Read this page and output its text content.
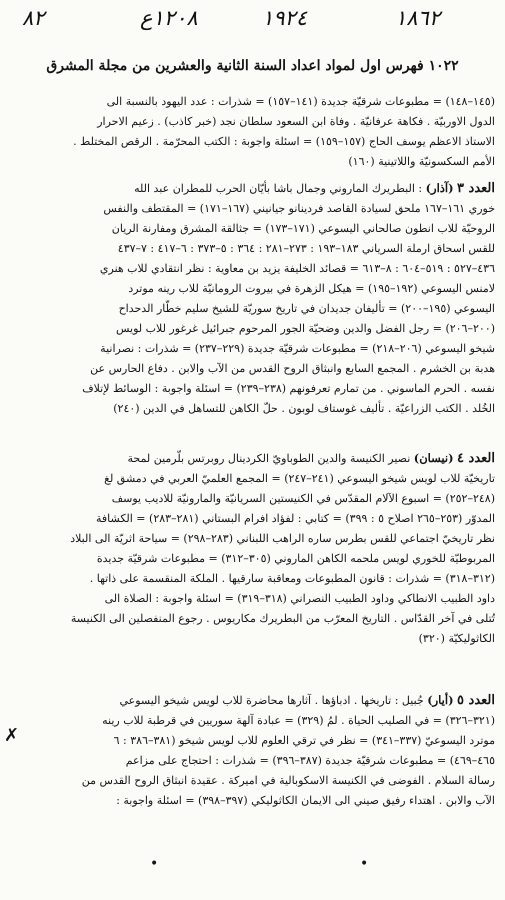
٨٢	١٢٠٨ع	١٩٢٤	١٨٦٢
١٠٢٢ فهرس اول لمواد اعداد السنة الثانية والعشرين من مجلة المشرق
(١٤٥–١٤٨) = مطبوعات شرقيّة جديدة (١٤١–١٥٧) = شذرات : عدد اليهود بالنسبة الى
الدول الاوربيّة . فكاهة عرفانيّة . وفاة ابن السعود سلطان نجد (خبر كاذب) . زعيم الاحرار
الاستاذ الاعظم يوسف الحاج (١٥٧–١٥٩) = اسئلة واجوبة : الكتب المحرّمة . الرقص المختلط .
الأمم السكسونيّة واللاتينية (١٦٠)
العدد ٣ (آذار) : البطريرك الماروني وجمال باشا بأيّان الحرب للمطران عبد الله
خوري ١٦١–١٦٧ ملحق لسيادة القاصد فردينانو جيانيني (١٦٧–١٧١) = المقتطف والنفس
الروحيّة للاب انطون صالحاني اليسوعي (١٧١–١٧٣) = جثالقة المشرق ومفارنة الريان
للقس اسحاق ارملة السرياني ١٨٣–١٩٣ : ٢٧٣–٢٨١ : ٣٦٤ : ٥–٣٧٣ : ٦–٤١٧ : ٧–٤٣٧
٤٣٦–٥٢٧ : ٥١٩–٦٠٤ : ٨–٦١٣ = قصائد الخليفة يزيد بن معاوية : نظر انتقادي للاب هنري
لامنس اليسوعي (١٩٢–١٩٥) = هيكل الزهرة في بيروت الرومانيّة للاب رينه موترد
اليسوعي (١٩٥–٢٠٠) = تأليفان جديدان في تاريخ سوريّة للشيخ سليم خطّار الدحداح
(٢٠٠–٢٠٦) = رجل الفضل والدين وضحيّة الجور المرحوم جبرائيل غرغور للاب لويس
شيخو اليسوعي (٢٠٦–٢١٨) = مطبوعات شرقيّة جديدة (٢٢٩–٢٣٧) = شذرات : نصرانية
هدبة بن الخشرم . المجمع السابع وانبثاق الروح القدس من الآب والابن . دفاع الحارس عن
نفسه . الحرم الماسوني . من تمارم تعرفونهم (٢٣٨–٢٣٩) = اسئلة واجوبة : الوسائط لإتلاف
الخُلد . الكتب الزراعيّة . تأليف غوستاف لوبون . حلّ الكاهن للتساهل في الدين (٢٤٠)
العدد ٤ (نيسان) نصير الكنيسة والدين الطوباويّ الكردينال روبرتس بلّرمين لمحة
تاريخيّة للاب لويس شيخو اليسوعي (٢٤١–٢٤٧) = المجمع العلميّ العربي في دمشق لغ
(٢٤٨–٢٥٢) = اسبوع الآلام المقدّس في الكنيستين السريانيّة والمارونيّة للاديب يوسف
المدوّر (٢٥٣–٢٦٥ اصلاح ٥ : ٣٩٩) = كتابي : لفؤاد افرام البستاني (٢٨١–٢٨٣) = الكشافة
نظر تاريخيّ اجتماعي للقس بطرس ساره الراهب اللبناني (٢٨٣–٢٩٨) = سياحة اثريّة الى البلاد
المربوطيّة للخوري لويس ملحمه الكاهن الماروني (٣٠٥–٣١٢) = مطبوعات شرقيّة جديدة
(٣١٢–٣١٨) = شذرات : قانون المطبوعات ومعاقبة سارقيها . الملكة المنقسمة على ذاتها .
داود الطبيب الانطاكي وداود الطبيب النصراني (٣١٨–٣١٩) = اسئلة واجوبة : الصلاة الى
تُتلى في آخر القدّاس . التاريخ المعرّب من البطريرك مكاريوس . رجوع المنفصلين الى الكنيسة
الكاثوليكيّة (٣٢٠)
العدد ٥ (أيار) جُبيل : تاريخها . ادباؤها . آثارها محاضرة للاب لويس شيخو اليسوعي
(٣٢١–٣٢٦) = في الصليب الحياة . لمُ (٣٢٩) = عبادة آلهة سوريين في قرطبة للاب رينه
موترد اليسوعيّ (٣٣٧–٣٤١) = نظر في ترقي العلوم للاب لويس شيخو (٣٨١–٣٨٦ : ٦
٤٦٥–٤٦٩) = مطبوعات شرقيّة جديدة (٣٨٧–٣٩٦) = شذرات : احتجاج على مزاعم
رسالة السلام . الفوضى في الكنيسة الاسكوبالية في اميركة . عقيدة انبثاق الروح القدس من
الآب والابن . اهتداء رفيق صيني الى الايمان الكاثوليكي (٣٩٧–٣٩٨) = اسئلة واجوبة :
✗
•	•
